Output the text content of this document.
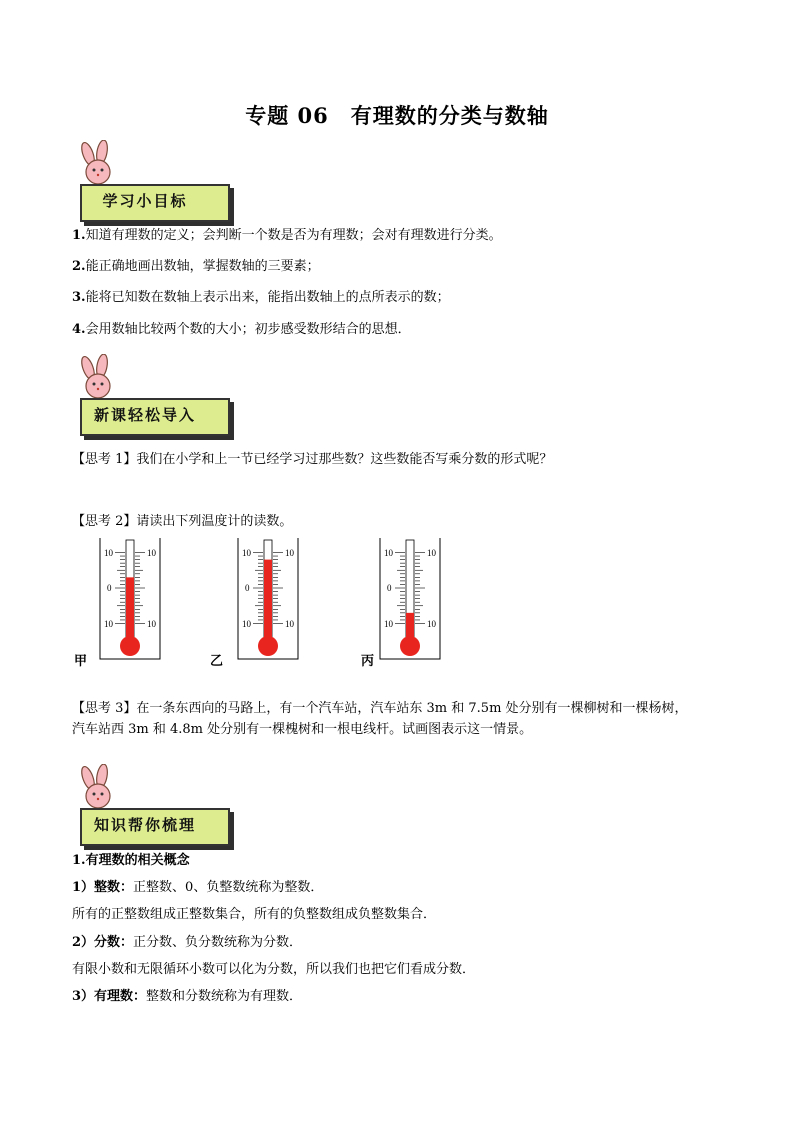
专题 06　有理数的分类与数轴
学习小目标
1.知道有理数的定义；会判断一个数是否为有理数；会对有理数进行分类。
2.能正确地画出数轴，掌握数轴的三要素；
3.能将已知数在数轴上表示出来，能指出数轴上的点所表示的数；
4.会用数轴比较两个数的大小；初步感受数形结合的思想．
新课轻松导入
【思考 1】我们在小学和上一节已经学习过那些数？这些数能否写乘分数的形式呢？
【思考 2】请读出下列温度计的读数。
10	10
0
10	10
甲
10	10
0
10	10
乙
10	10
0
10	10
丙
【思考 3】在一条东西向的马路上，有一个汽车站，汽车站东 3m 和 7.5m 处分别有一棵柳树和一棵杨树，
汽车站西 3m 和 4.8m 处分别有一棵槐树和一根电线杆。试画图表示这一情景。
知识帮你梳理
1.有理数的相关概念
1）整数：正整数、0、负整数统称为整数．
所有的正整数组成正整数集合，所有的负整数组成负整数集合．
2）分数：正分数、负分数统称为分数．
有限小数和无限循环小数可以化为分数，所以我们也把它们看成分数．
3）有理数：整数和分数统称为有理数．
